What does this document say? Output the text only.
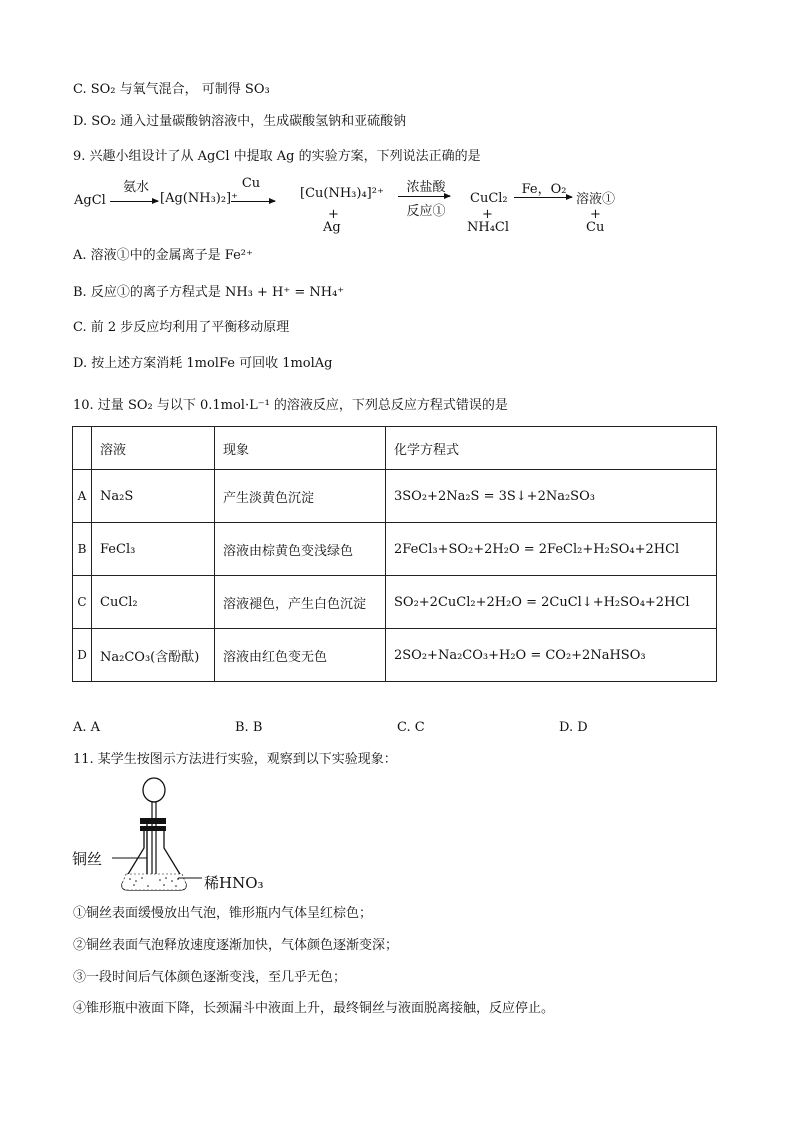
C. SO₂ 与氧气混合， 可制得 SO₃
D. SO₂ 通入过量碳酸钠溶液中，生成碳酸氢钠和亚硫酸钠
9. 兴趣小组设计了从 AgCl 中提取 Ag 的实验方案，下列说法正确的是
AgCl
氨水
[Ag(NH₃)₂]⁺
Cu
[Cu(NH₃)₄]²⁺
+
Ag
浓盐酸
反应①
CuCl₂
+
NH₄Cl
Fe，O₂
溶液①
+
Cu
A. 溶液①中的金属离子是 Fe²⁺
B. 反应①的离子方程式是 NH₃ + H⁺ = NH₄⁺
C. 前 2 步反应均利用了平衡移动原理
D. 按上述方案消耗 1molFe 可回收 1molAg
10. 过量 SO₂ 与以下 0.1mol·L⁻¹ 的溶液反应，下列总反应方程式错误的是
	溶液	现象	化学方程式
A	Na₂S	产生淡黄色沉淀	3SO₂+2Na₂S = 3S↓+2Na₂SO₃
B	FeCl₃	溶液由棕黄色变浅绿色	2FeCl₃+SO₂+2H₂O = 2FeCl₂+H₂SO₄+2HCl
C	CuCl₂	溶液褪色，产生白色沉淀	SO₂+2CuCl₂+2H₂O = 2CuCl↓+H₂SO₄+2HCl
D	Na₂CO₃(含酚酞)	溶液由红色变无色	2SO₂+Na₂CO₃+H₂O = CO₂+2NaHSO₃
A. A	B. B	C. C	D. D
11. 某学生按图示方法进行实验，观察到以下实验现象：
铜丝
稀HNO₃
①铜丝表面缓慢放出气泡，锥形瓶内气体呈红棕色；
②铜丝表面气泡释放速度逐渐加快，气体颜色逐渐变深；
③一段时间后气体颜色逐渐变浅，至几乎无色；
④锥形瓶中液面下降，长颈漏斗中液面上升，最终铜丝与液面脱离接触，反应停止。
